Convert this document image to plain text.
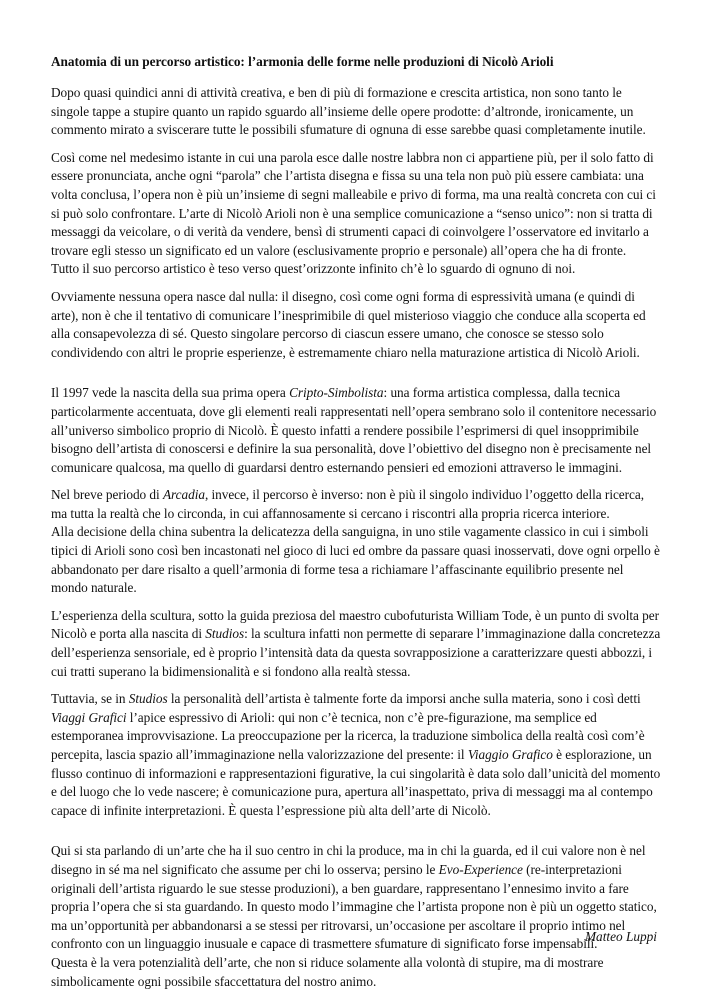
Anatomia di un percorso artistico: l’armonia delle forme nelle produzioni di Nicolò Arioli

Dopo quasi quindici anni di attività creativa, e ben di più di formazione e crescita artistica, non sono tanto le singole tappe a stupire quanto un rapido sguardo all’insieme delle opere prodotte: d’altronde, ironicamente, un commento mirato a sviscerare tutte le possibili sfumature di ognuna di esse sarebbe quasi completamente inutile.

Così come nel medesimo istante in cui una parola esce dalle nostre labbra non ci appartiene più, per il solo fatto di essere pronunciata, anche ogni “parola” che l’artista disegna e fissa su una tela non può più essere cambiata: una volta conclusa, l’opera non è più un’insieme di segni malleabile e privo di forma, ma una realtà concreta con cui ci si può solo confrontare. L’arte di Nicolò Arioli non è una semplice comunicazione a “senso unico”: non si tratta di messaggi da veicolare, o di verità da vendere, bensì di strumenti capaci di coinvolgere l’osservatore ed invitarlo a trovare egli stesso un significato ed un valore (esclusivamente proprio e personale) all’opera che ha di fronte.
Tutto il suo percorso artistico è teso verso quest’orizzonte infinito ch’è lo sguardo di ognuno di noi.

Ovviamente nessuna opera nasce dal nulla: il disegno, così come ogni forma di espressività umana (e quindi di arte), non è che il tentativo di comunicare l’inesprimibile di quel misterioso viaggio che conduce alla scoperta ed alla consapevolezza di sé. Questo singolare percorso di ciascun essere umano, che conosce se stesso solo condividendo con altri le proprie esperienze, è estremamente chiaro nella maturazione artistica di Nicolò Arioli.

Il 1997 vede la nascita della sua prima opera Cripto-Simbolista: una forma artistica complessa, dalla tecnica particolarmente accentuata, dove gli elementi reali rappresentati nell’opera sembrano solo il contenitore necessario all’universo simbolico proprio di Nicolò. È questo infatti a rendere possibile l’esprimersi di quel insopprimibile bisogno dell’artista di conoscersi e definire la sua personalità, dove l’obiettivo del disegno non è precisamente nel comunicare qualcosa, ma quello di guardarsi dentro esternando pensieri ed emozioni attraverso le immagini.

Nel breve periodo di Arcadia, invece, il percorso è inverso: non è più il singolo individuo l’oggetto della ricerca, ma tutta la realtà che lo circonda, in cui affannosamente si cercano i riscontri alla propria ricerca interiore.
Alla decisione della china subentra la delicatezza della sanguigna, in uno stile vagamente classico in cui i simboli tipici di Arioli sono così ben incastonati nel gioco di luci ed ombre da passare quasi inosservati, dove ogni orpello è abbandonato per dare risalto a quell’armonia di forme tesa a richiamare l’affascinante equilibrio presente nel mondo naturale.

L’esperienza della scultura, sotto la guida preziosa del maestro cubofuturista William Tode, è un punto di svolta per Nicolò e porta alla nascita di Studios: la scultura infatti non permette di separare l’immaginazione dalla concretezza dell’esperienza sensoriale, ed è proprio l’intensità data da questa sovrapposizione a caratterizzare questi abbozzi, i cui tratti superano la bidimensionalità e si fondono alla realtà stessa.

Tuttavia, se in Studios la personalità dell’artista è talmente forte da imporsi anche sulla materia, sono i così detti Viaggi Grafici l’apice espressivo di Arioli: qui non c’è tecnica, non c’è pre-figurazione, ma semplice ed estemporanea improvvisazione. La preoccupazione per la ricerca, la traduzione simbolica della realtà così com’è percepita, lascia spazio all’immaginazione nella valorizzazione del presente: il Viaggio Grafico è esplorazione, un flusso continuo di informazioni e rappresentazioni figurative, la cui singolarità è data solo dall’unicità del momento e del luogo che lo vede nascere; è comunicazione pura, apertura all’inaspettato, priva di messaggi ma al contempo capace di infinite interpretazioni. È questa l’espressione più alta dell’arte di Nicolò.

Qui si sta parlando di un’arte che ha il suo centro in chi la produce, ma in chi la guarda, ed il cui valore non è nel disegno in sé ma nel significato che assume per chi lo osserva; persino le Evo-Experience (re-interpretazioni originali dell’artista riguardo le sue stesse produzioni), a ben guardare, rappresentano l’ennesimo invito a fare propria l’opera che si sta guardando. In questo modo l’immagine che l’artista propone non è più un oggetto statico, ma un’opportunità per abbandonarsi a se stessi per ritrovarsi, un’occasione per ascoltare il proprio intimo nel confronto con un linguaggio inusuale e capace di trasmettere sfumature di significato forse impensabili.
Questa è la vera potenzialità dell’arte, che non si riduce solamente alla volontà di stupire, ma di mostrare simbolicamente ogni possibile sfaccettatura del nostro animo.

Matteo Luppi
